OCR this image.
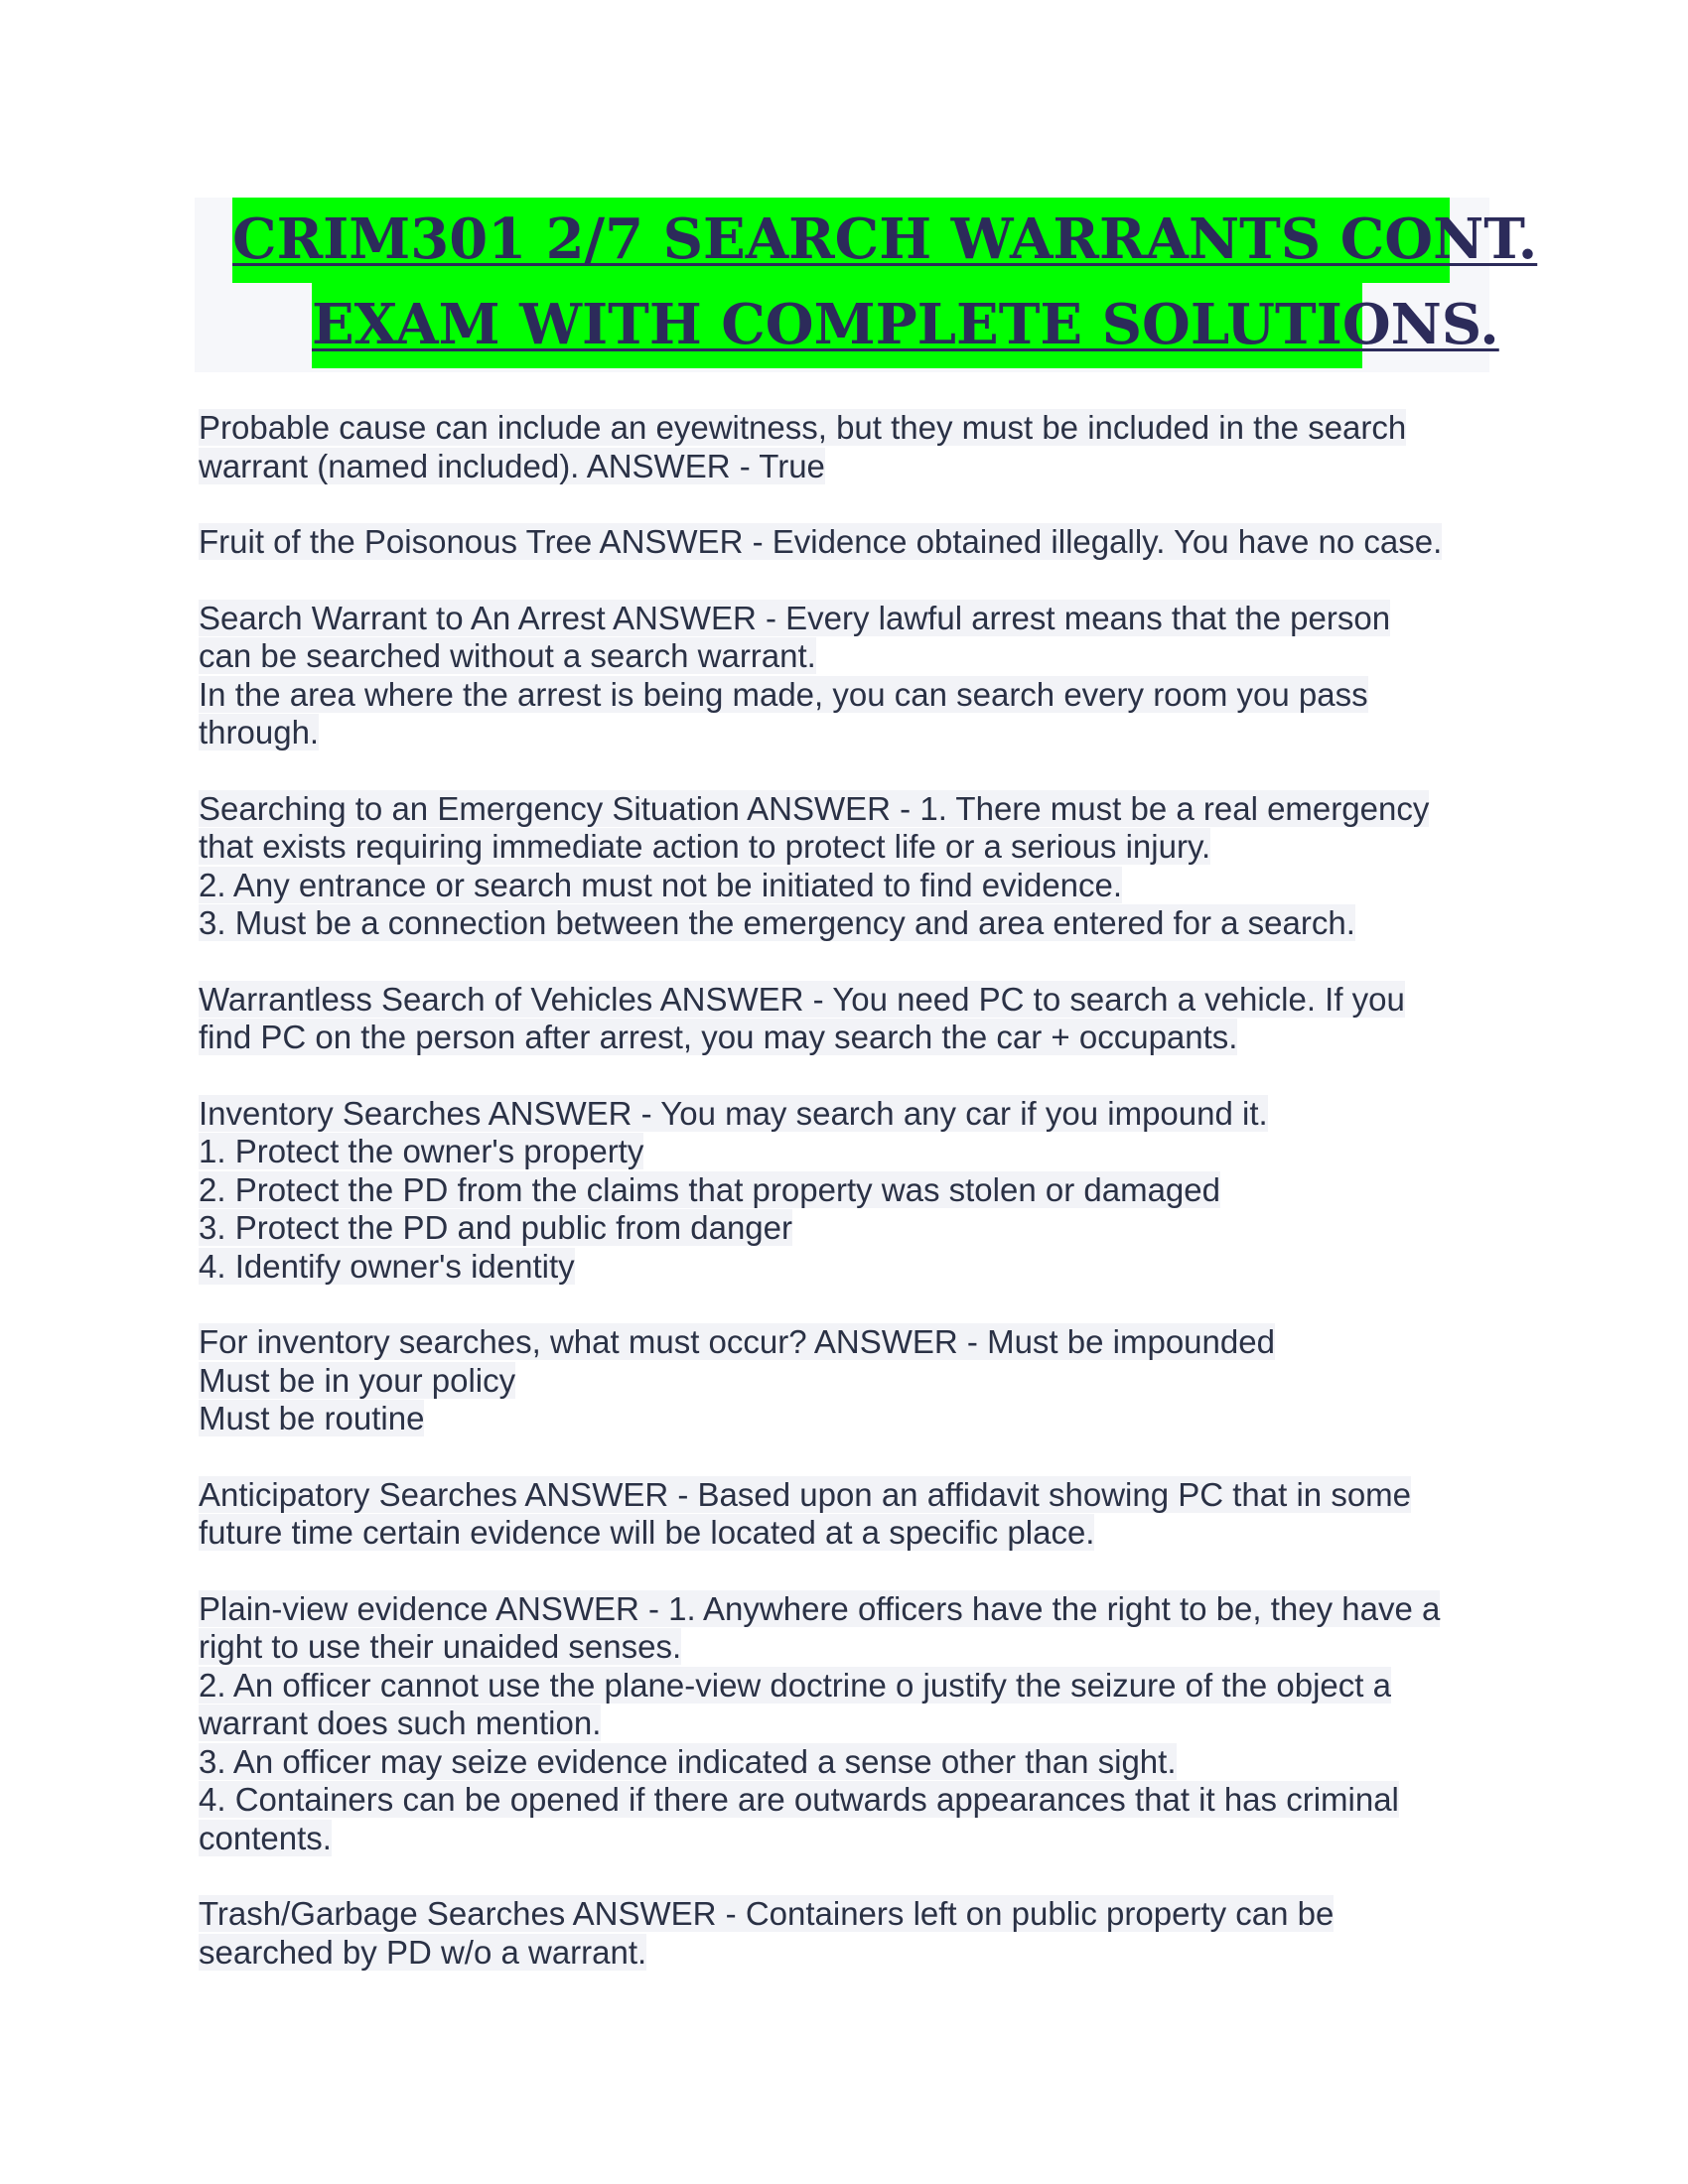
CRIM301 2/7 SEARCH WARRANTS CONT.
EXAM WITH COMPLETE SOLUTIONS.
Probable cause can include an eyewitness, but they must be included in the search
warrant (named included). ANSWER - True
Fruit of the Poisonous Tree ANSWER - Evidence obtained illegally. You have no case.
Search Warrant to An Arrest ANSWER - Every lawful arrest means that the person
can be searched without a search warrant.
In the area where the arrest is being made, you can search every room you pass
through.
Searching to an Emergency Situation ANSWER - 1. There must be a real emergency
that exists requiring immediate action to protect life or a serious injury.
2. Any entrance or search must not be initiated to find evidence.
3. Must be a connection between the emergency and area entered for a search.
Warrantless Search of Vehicles ANSWER - You need PC to search a vehicle. If you
find PC on the person after arrest, you may search the car + occupants.
Inventory Searches ANSWER - You may search any car if you impound it.
1. Protect the owner's property
2. Protect the PD from the claims that property was stolen or damaged
3. Protect the PD and public from danger
4. Identify owner's identity
For inventory searches, what must occur? ANSWER - Must be impounded
Must be in your policy
Must be routine
Anticipatory Searches ANSWER - Based upon an affidavit showing PC that in some
future time certain evidence will be located at a specific place.
Plain-view evidence ANSWER - 1. Anywhere officers have the right to be, they have a
right to use their unaided senses.
2. An officer cannot use the plane-view doctrine o justify the seizure of the object a
warrant does such mention.
3. An officer may seize evidence indicated a sense other than sight.
4. Containers can be opened if there are outwards appearances that it has criminal
contents.
Trash/Garbage Searches ANSWER - Containers left on public property can be
searched by PD w/o a warrant.
